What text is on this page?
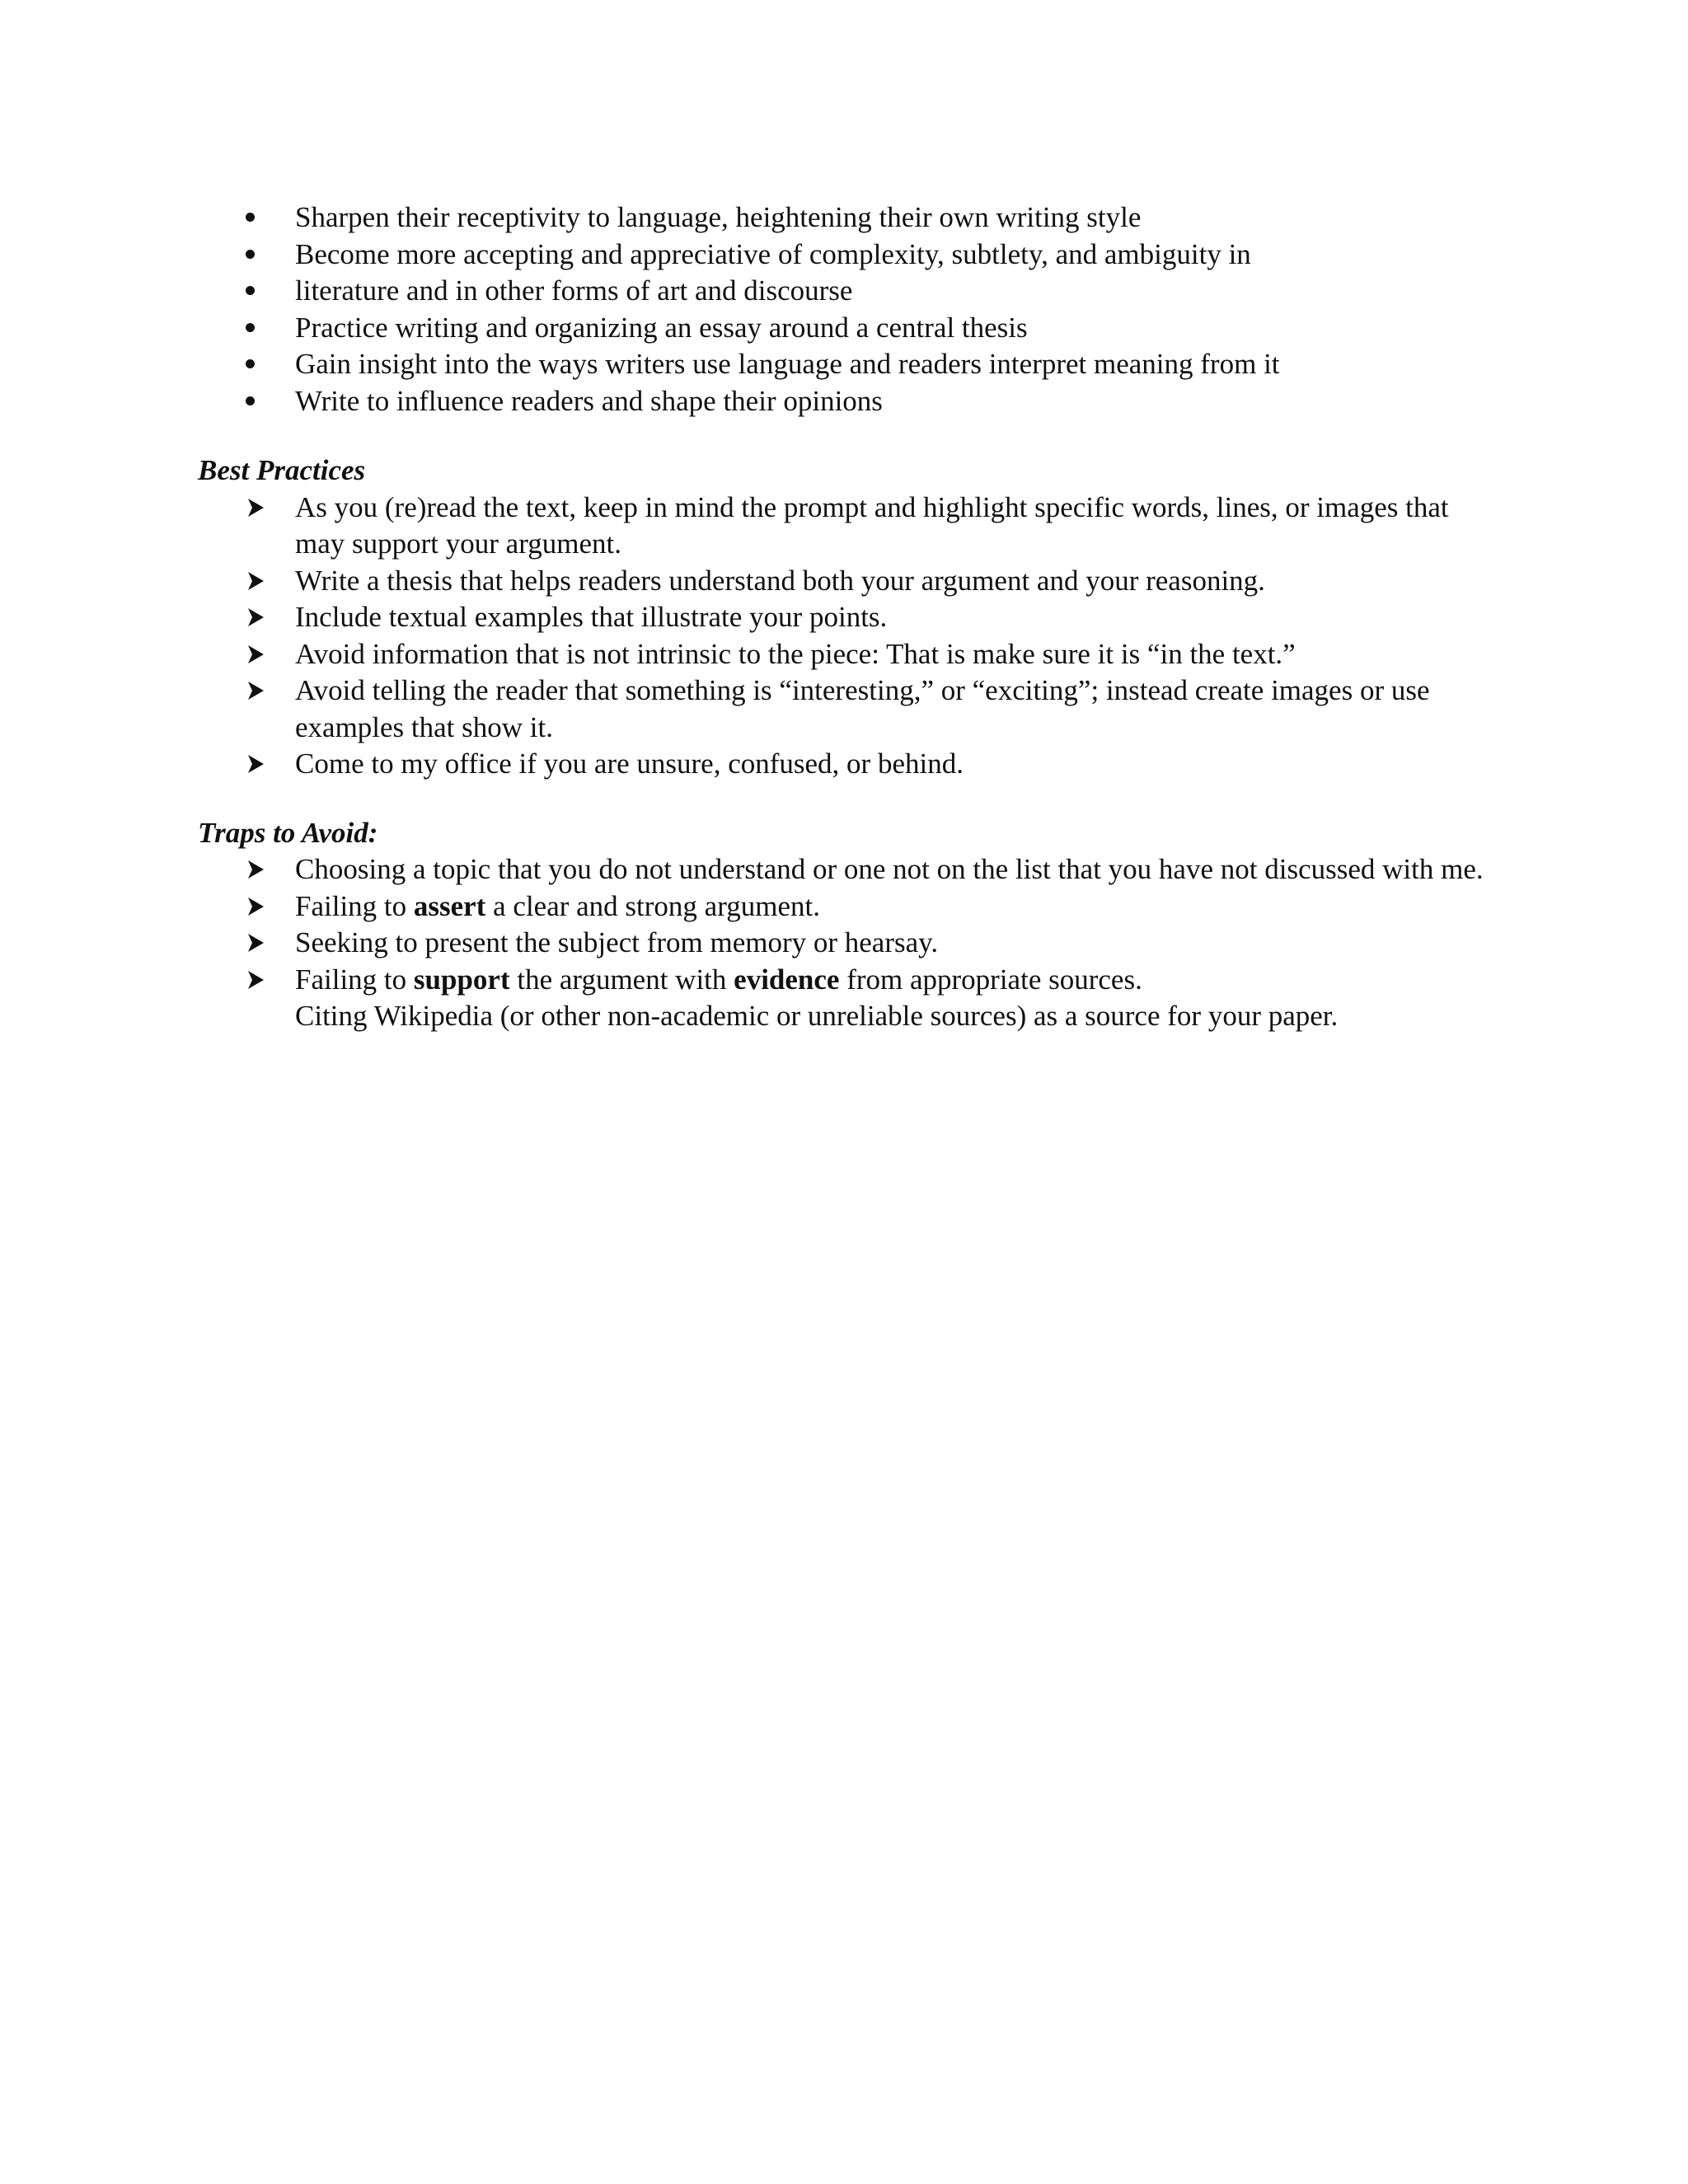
Sharpen their receptivity to language, heightening their own writing style
Become more accepting and appreciative of complexity, subtlety, and ambiguity in
literature and in other forms of art and discourse
Practice writing and organizing an essay around a central thesis
Gain insight into the ways writers use language and readers interpret meaning from it
Write to influence readers and shape their opinions
Best Practices
As you (re)read the text, keep in mind the prompt and highlight specific words, lines, or images that may support your argument.
Write a thesis that helps readers understand both your argument and your reasoning.
Include textual examples that illustrate your points.
Avoid information that is not intrinsic to the piece: That is make sure it is “in the text.”
Avoid telling the reader that something is “interesting,” or “exciting”; instead create images or use examples that show it.
Come to my office if you are unsure, confused, or behind.
Traps to Avoid:
Choosing a topic that you do not understand or one not on the list that you have not discussed with me.
Failing to assert a clear and strong argument.
Seeking to present the subject from memory or hearsay.
Failing to support the argument with evidence from appropriate sources.
Citing Wikipedia (or other non-academic or unreliable sources) as a source for your paper.
